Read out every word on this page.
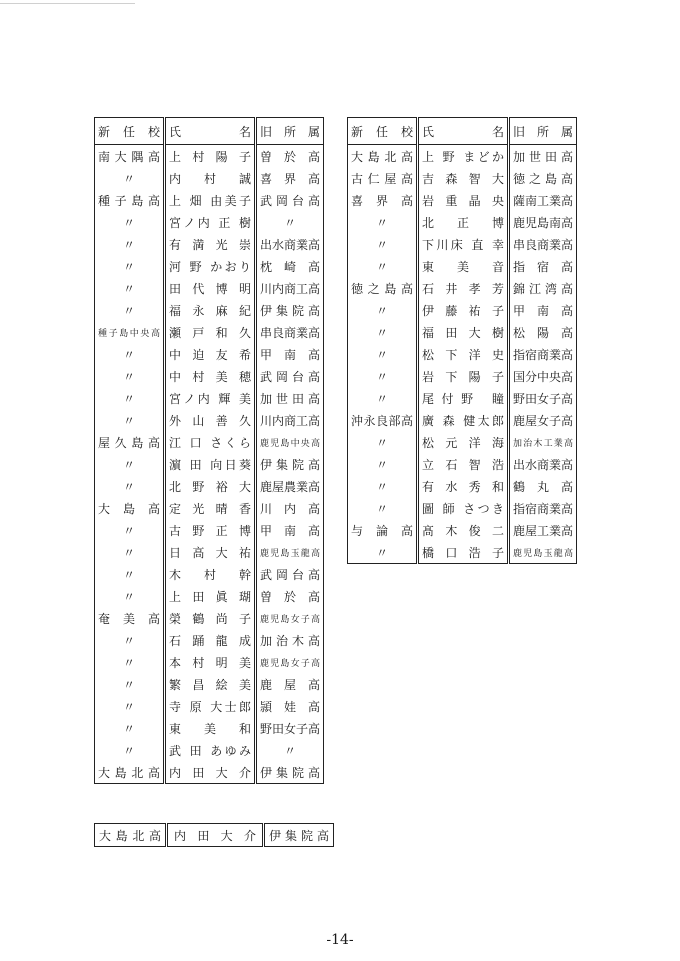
新 任 校	氏 名	旧 所 属
南大隅高	上 村 陽 子	曽 於 高
〃	内 村 誠	喜 界 高
種子島高	上 畑 由美子	武岡台高
〃	宮ノ内 正 樹	〃
〃	有 満 光 崇	出水商業高
〃	河 野 かおり	枕 崎 高
〃	田 代 博 明	川内商工高
〃	福 永 麻 紀	伊集院高
種子島中央高	瀬 戸 和 久	串良商業高
〃	中 迫 友 希	甲 南 高
〃	中 村 美 穂	武岡台高
〃	宮ノ内 輝 美	加世田高
〃	外 山 善 久	川内商工高
屋久島高	江 口 さくら	鹿児島中央高
〃	濵 田 向日葵	伊集院高
〃	北 野 裕 大	鹿屋農業高
大 島 高	定 光 晴 香	川 内 高
〃	古 野 正 博	甲 南 高
〃	日 高 大 祐	鹿児島玉龍高
〃	木 村 幹	武岡台高
〃	上 田 眞 瑚	曽 於 高
奄 美 高	榮 鶴 尚 子	鹿児島女子高
〃	石 踊 龍 成	加治木高
〃	本 村 明 美	鹿児島女子高
〃	繁 昌 絵 美	鹿 屋 高
〃	寺 原 大士郎	頴 娃 高
〃	東 美 和	野田女子高
〃	武 田 あゆみ	〃
大島北高	内 田 大 介	伊集院高
大島北高	内 田 大 介	伊集院高
新 任 校	氏 名	旧 所 属
大島北高	上 野 まどか	加世田高
古仁屋高	吉 森 智 大	徳之島高
喜 界 高	岩 重 晶 央	薩南工業高
〃	北 正 博	鹿児島南高
〃	下川床 直 幸	串良商業高
〃	東 美 音	指 宿 高
徳之島高	石 井 孝 芳	錦江湾高
〃	伊 藤 祐 子	甲 南 高
〃	福 田 大 樹	松 陽 高
〃	松 下 洋 史	指宿商業高
〃	岩 下 陽 子	国分中央高
〃	尾付野 瞳	野田女子高
沖永良部高	廣 森 健太郎	鹿屋女子高
〃	松 元 洋 海	加治木工業高
〃	立 石 智 浩	出水商業高
〃	有 水 秀 和	鶴 丸 高
〃	圖 師 さつき	指宿商業高
与 論 高	髙 木 俊 二	鹿屋工業高
〃	橋 口 浩 子	鹿児島玉龍高
-14-
